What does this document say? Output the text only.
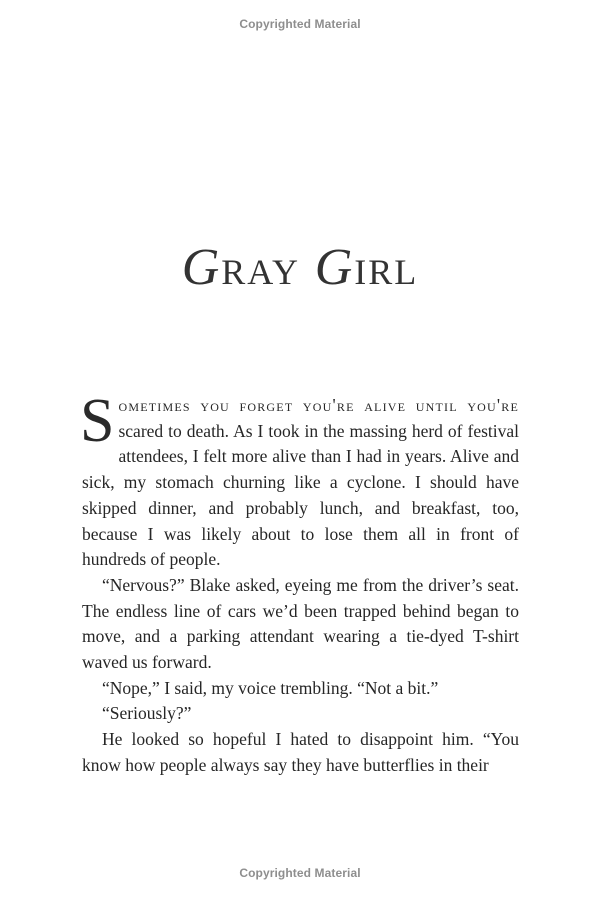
Copyrighted Material
GRAY GIRL

Sometimes you forget you're alive until you're scared to death. As I took in the massing herd of festival attendees, I felt more alive than I had in years. Alive and sick, my stomach churning like a cyclone. I should have skipped dinner, and probably lunch, and breakfast, too, because I was likely about to lose them all in front of hundreds of people.

“Nervous?” Blake asked, eyeing me from the driver’s seat. The endless line of cars we’d been trapped behind began to move, and a parking attendant wearing a tie-dyed T-shirt waved us forward.

“Nope,” I said, my voice trembling. “Not a bit.”

“Seriously?”

He looked so hopeful I hated to disappoint him. “You know how people always say they have butterflies in their

Copyrighted Material
